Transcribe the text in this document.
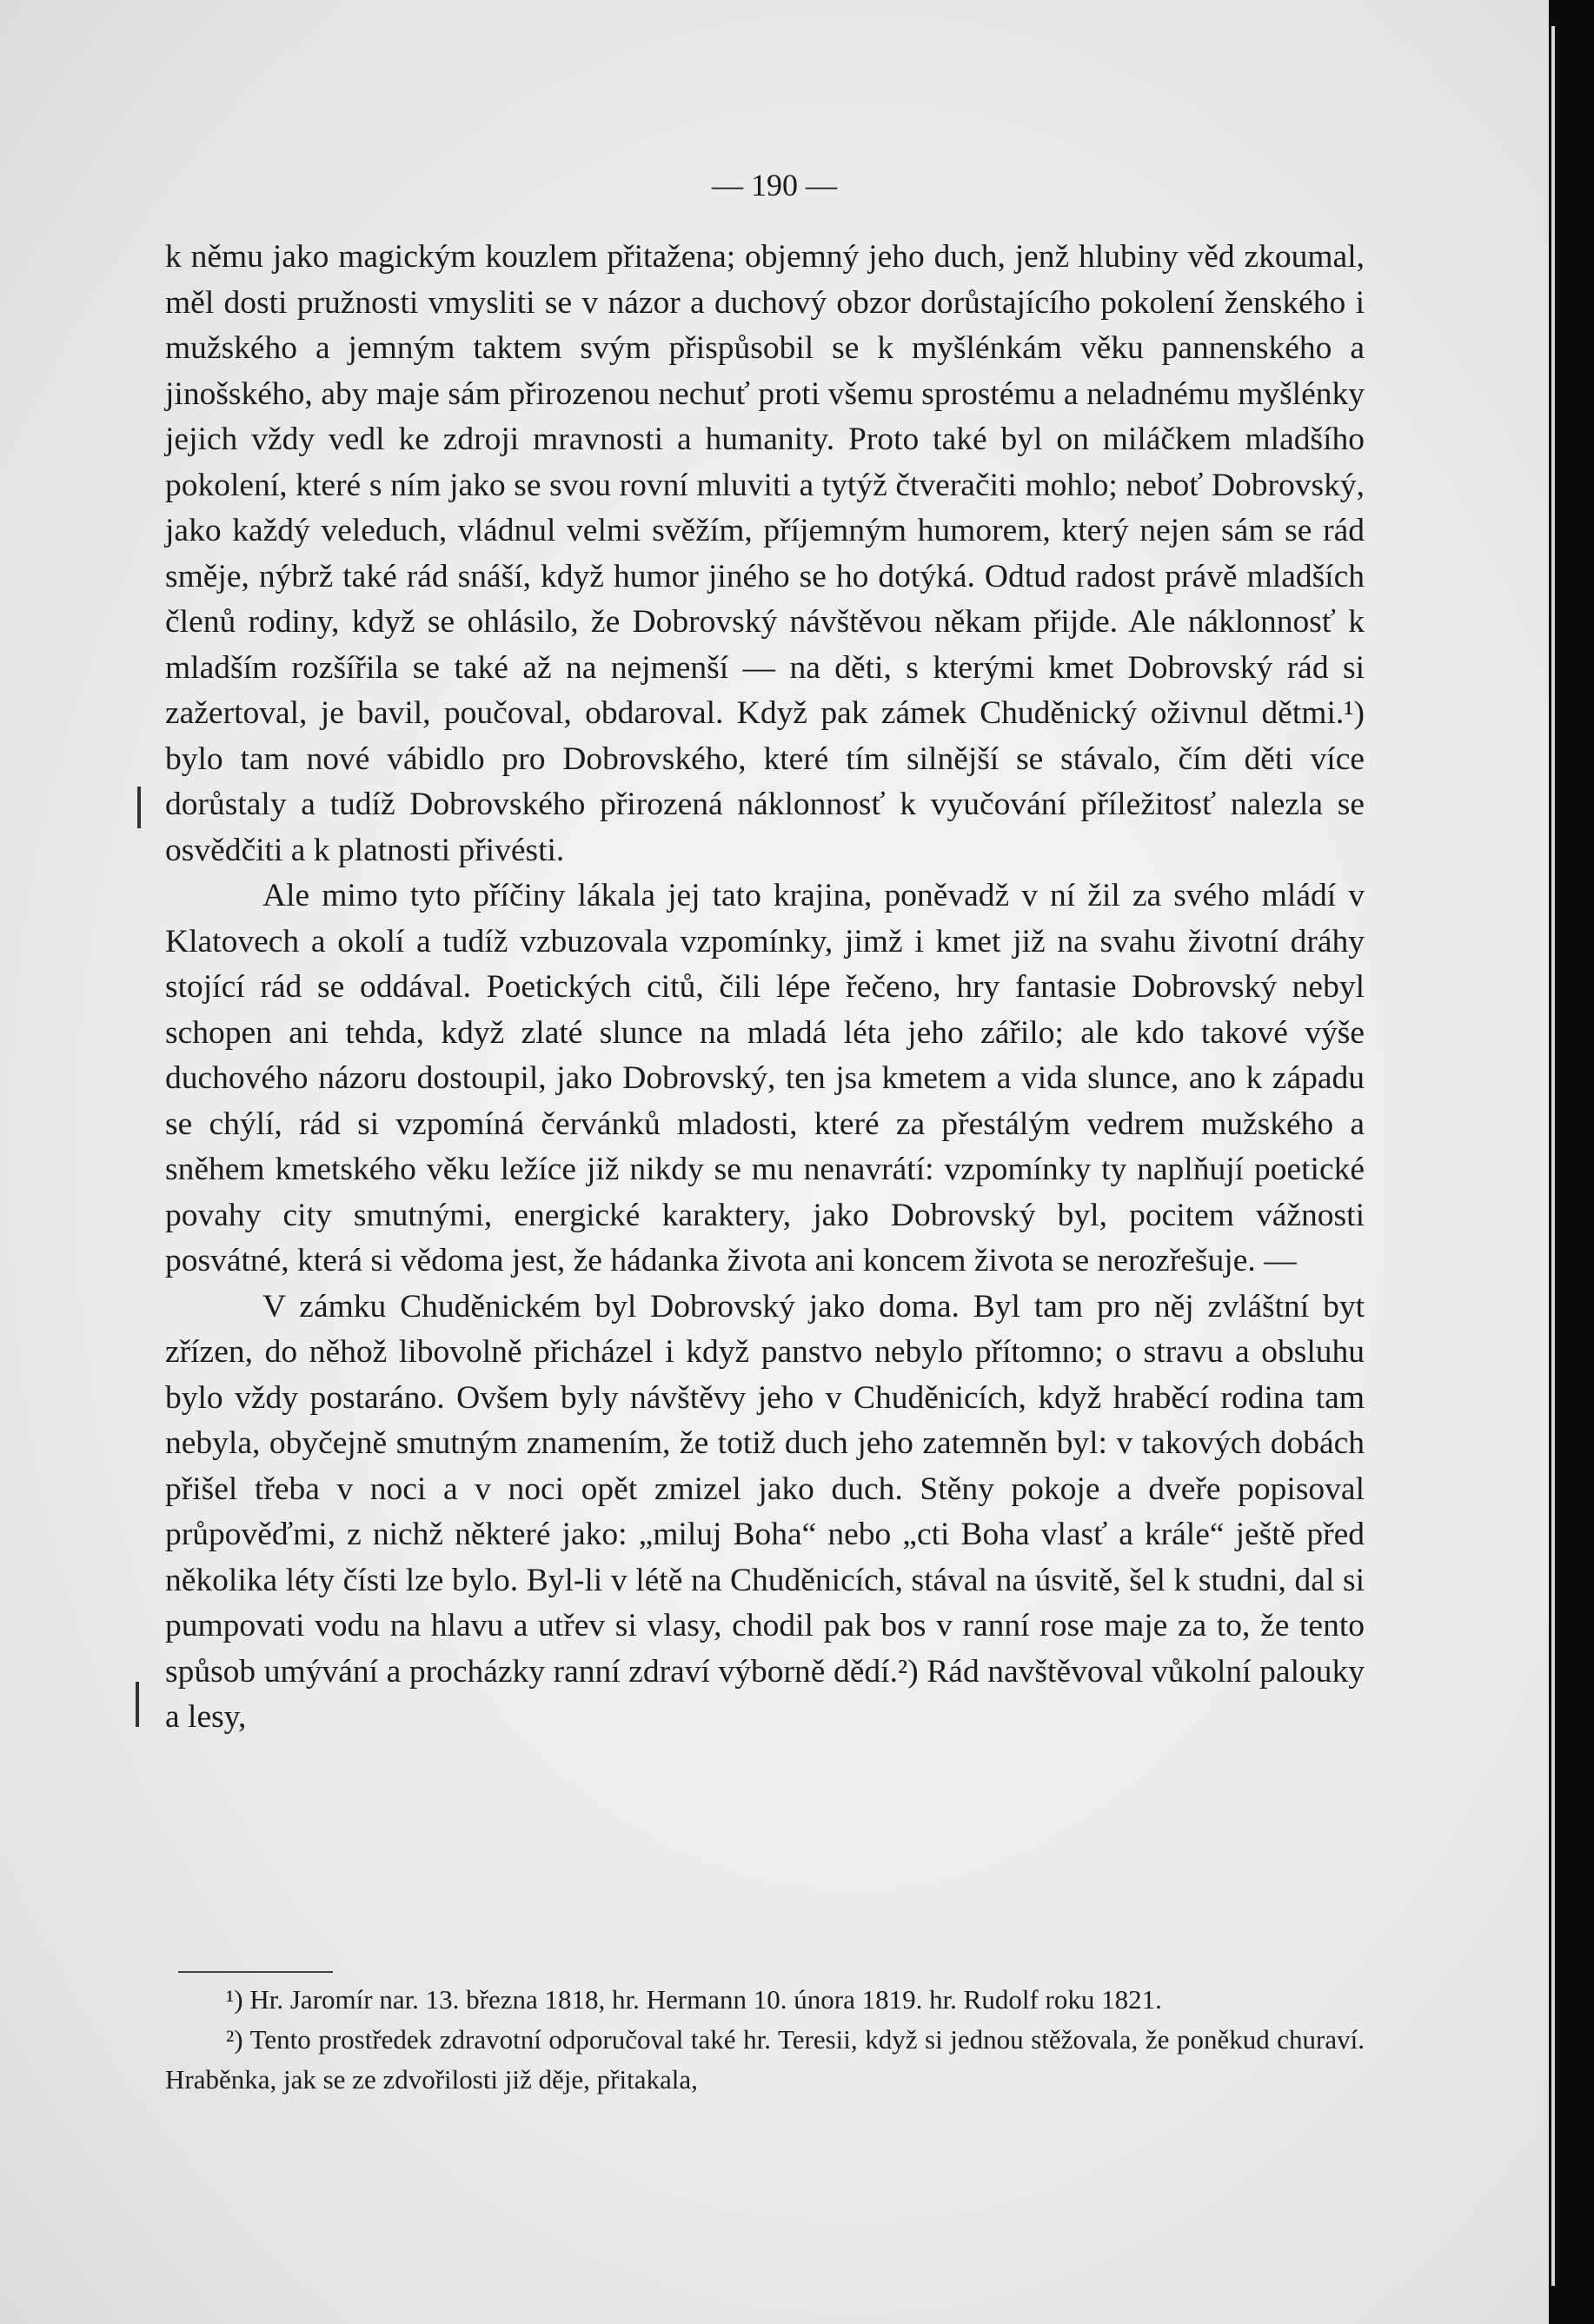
— 190 —

k němu jako magickým kouzlem přitažena; objemný jeho duch, jenž hlubiny věd zkoumal, měl dosti pružnosti vmysliti se v názor a duchový obzor dorůstajícího pokolení ženského i mužského a jemným taktem svým přispůsobil se k myšlénkám věku pannenského a jinošského, aby maje sám přirozenou nechuť proti všemu sprostému a neladnému myšlénky jejich vždy vedl ke zdroji mravnosti a humanity. Proto také byl on miláčkem mladšího pokolení, které s ním jako se svou rovní mluviti a tytýž čtveračiti mohlo; neboť Dobrovský, jako každý veleduch, vládnul velmi svěžím, příjemným humorem, který nejen sám se rád směje, nýbrž také rád snáší, když humor jiného se ho dotýká. Odtud radost právě mladších členů rodiny, když se ohlásilo, že Dobrovský návštěvou někam přijde. Ale náklonnosť k mladším rozšířila se také až na nejmenší — na děti, s kterými kmet Dobrovský rád si zažertoval, je bavil, poučoval, obdaroval. Když pak zámek Chuděnický oživnul dětmi.¹) bylo tam nové vábidlo pro Dobrovského, které tím silnější se stávalo, čím děti více dorůstaly a tudíž Dobrovského přirozená náklonnosť k vyučování příležitosť nalezla se osvědčiti a k platnosti přivésti.

Ale mimo tyto příčiny lákala jej tato krajina, poněvadž v ní žil za svého mládí v Klatovech a okolí a tudíž vzbuzovala vzpomínky, jimž i kmet již na svahu životní dráhy stojící rád se oddával. Poetických citů, čili lépe řečeno, hry fantasie Dobrovský nebyl schopen ani tehda, když zlaté slunce na mladá léta jeho zářilo; ale kdo takové výše duchového názoru dostoupil, jako Dobrovský, ten jsa kmetem a vida slunce, ano k západu se chýlí, rád si vzpomíná červánků mladosti, které za přestálým vedrem mužského a sněhem kmetského věku ležíce již nikdy se mu nenavrátí: vzpomínky ty naplňují poetické povahy city smutnými, energické karaktery, jako Dobrovský byl, pocitem vážnosti posvátné, která si vědoma jest, že hádanka života ani koncem života se nerozřešuje. —

V zámku Chuděnickém byl Dobrovský jako doma. Byl tam pro něj zvláštní byt zřízen, do něhož libovolně přicházel i když panstvo nebylo přítomno; o stravu a obsluhu bylo vždy postaráno. Ovšem byly návštěvy jeho v Chuděnicích, když hraběcí rodina tam nebyla, obyčejně smutným znamením, že totiž duch jeho zatemněn byl: v takových dobách přišel třeba v noci a v noci opět zmizel jako duch. Stěny pokoje a dveře popisoval průpověďmi, z nichž některé jako: „miluj Boha“ nebo „cti Boha vlasť a krále“ ještě před několika léty čísti lze bylo. Byl-li v létě na Chuděnicích, stával na úsvitě, šel k studni, dal si pumpovati vodu na hlavu a utřev si vlasy, chodil pak bos v ranní rose maje za to, že tento spůsob umývání a procházky ranní zdraví výborně dědí.²) Rád navštěvoval vůkolní palouky a lesy,

¹) Hr. Jaromír nar. 13. března 1818, hr. Hermann 10. února 1819. hr. Rudolf roku 1821.

²) Tento prostředek zdravotní odporučoval také hr. Teresii, když si jednou stěžovala, že poněkud churaví. Hraběnka, jak se ze zdvořilosti již děje, přitakala,
